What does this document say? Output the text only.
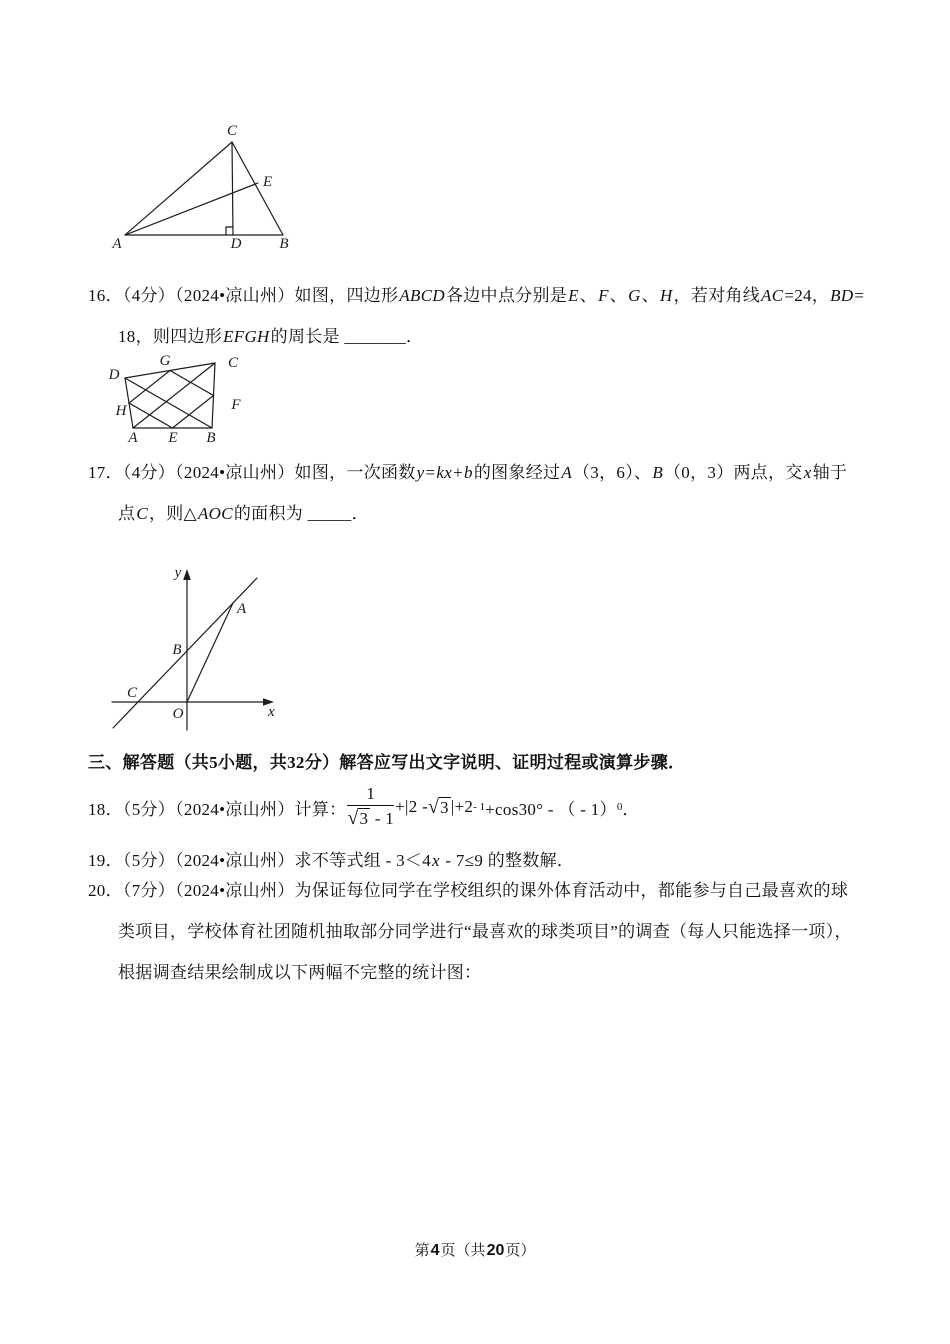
A	B
C
D
E
16．（4分）（2024•凉山州）如图，四边形ABCD各边中点分别是E、F、G、H，若对角线AC=24，BD=
18，则四边形EFGH的周长是 _______．
A	B
C
D
E
F
G
H
17．（4分）（2024•凉山州）如图，一次函数y=kx+b的图象经过A（3，6）、B（0，3）两点，交x轴于
点C，则△AOC的面积为 _____．
y
x
O
A
B
C
三、解答题（共5小题，共32分）解答应写出文字说明、证明过程或演算步骤．
18．（5分）（2024•凉山州）计算： $\frac{1}{√3 - 1} +|2$ - √ 3 |+2 - 1 +cos30° - （ - 1） 0 ．
19．（5分）（2024•凉山州）求不等式组 - 3＜4x - 7≤9 的整数解．
20．（7分）（2024•凉山州）为保证每位同学在学校组织的课外体育活动中，都能参与自己最喜欢的球
类项目，学校体育社团随机抽取部分同学进行“最喜欢的球类项目”的调查（每人只能选择一项），
根据调查结果绘制成以下两幅不完整的统计图：
第4页（共20页）
